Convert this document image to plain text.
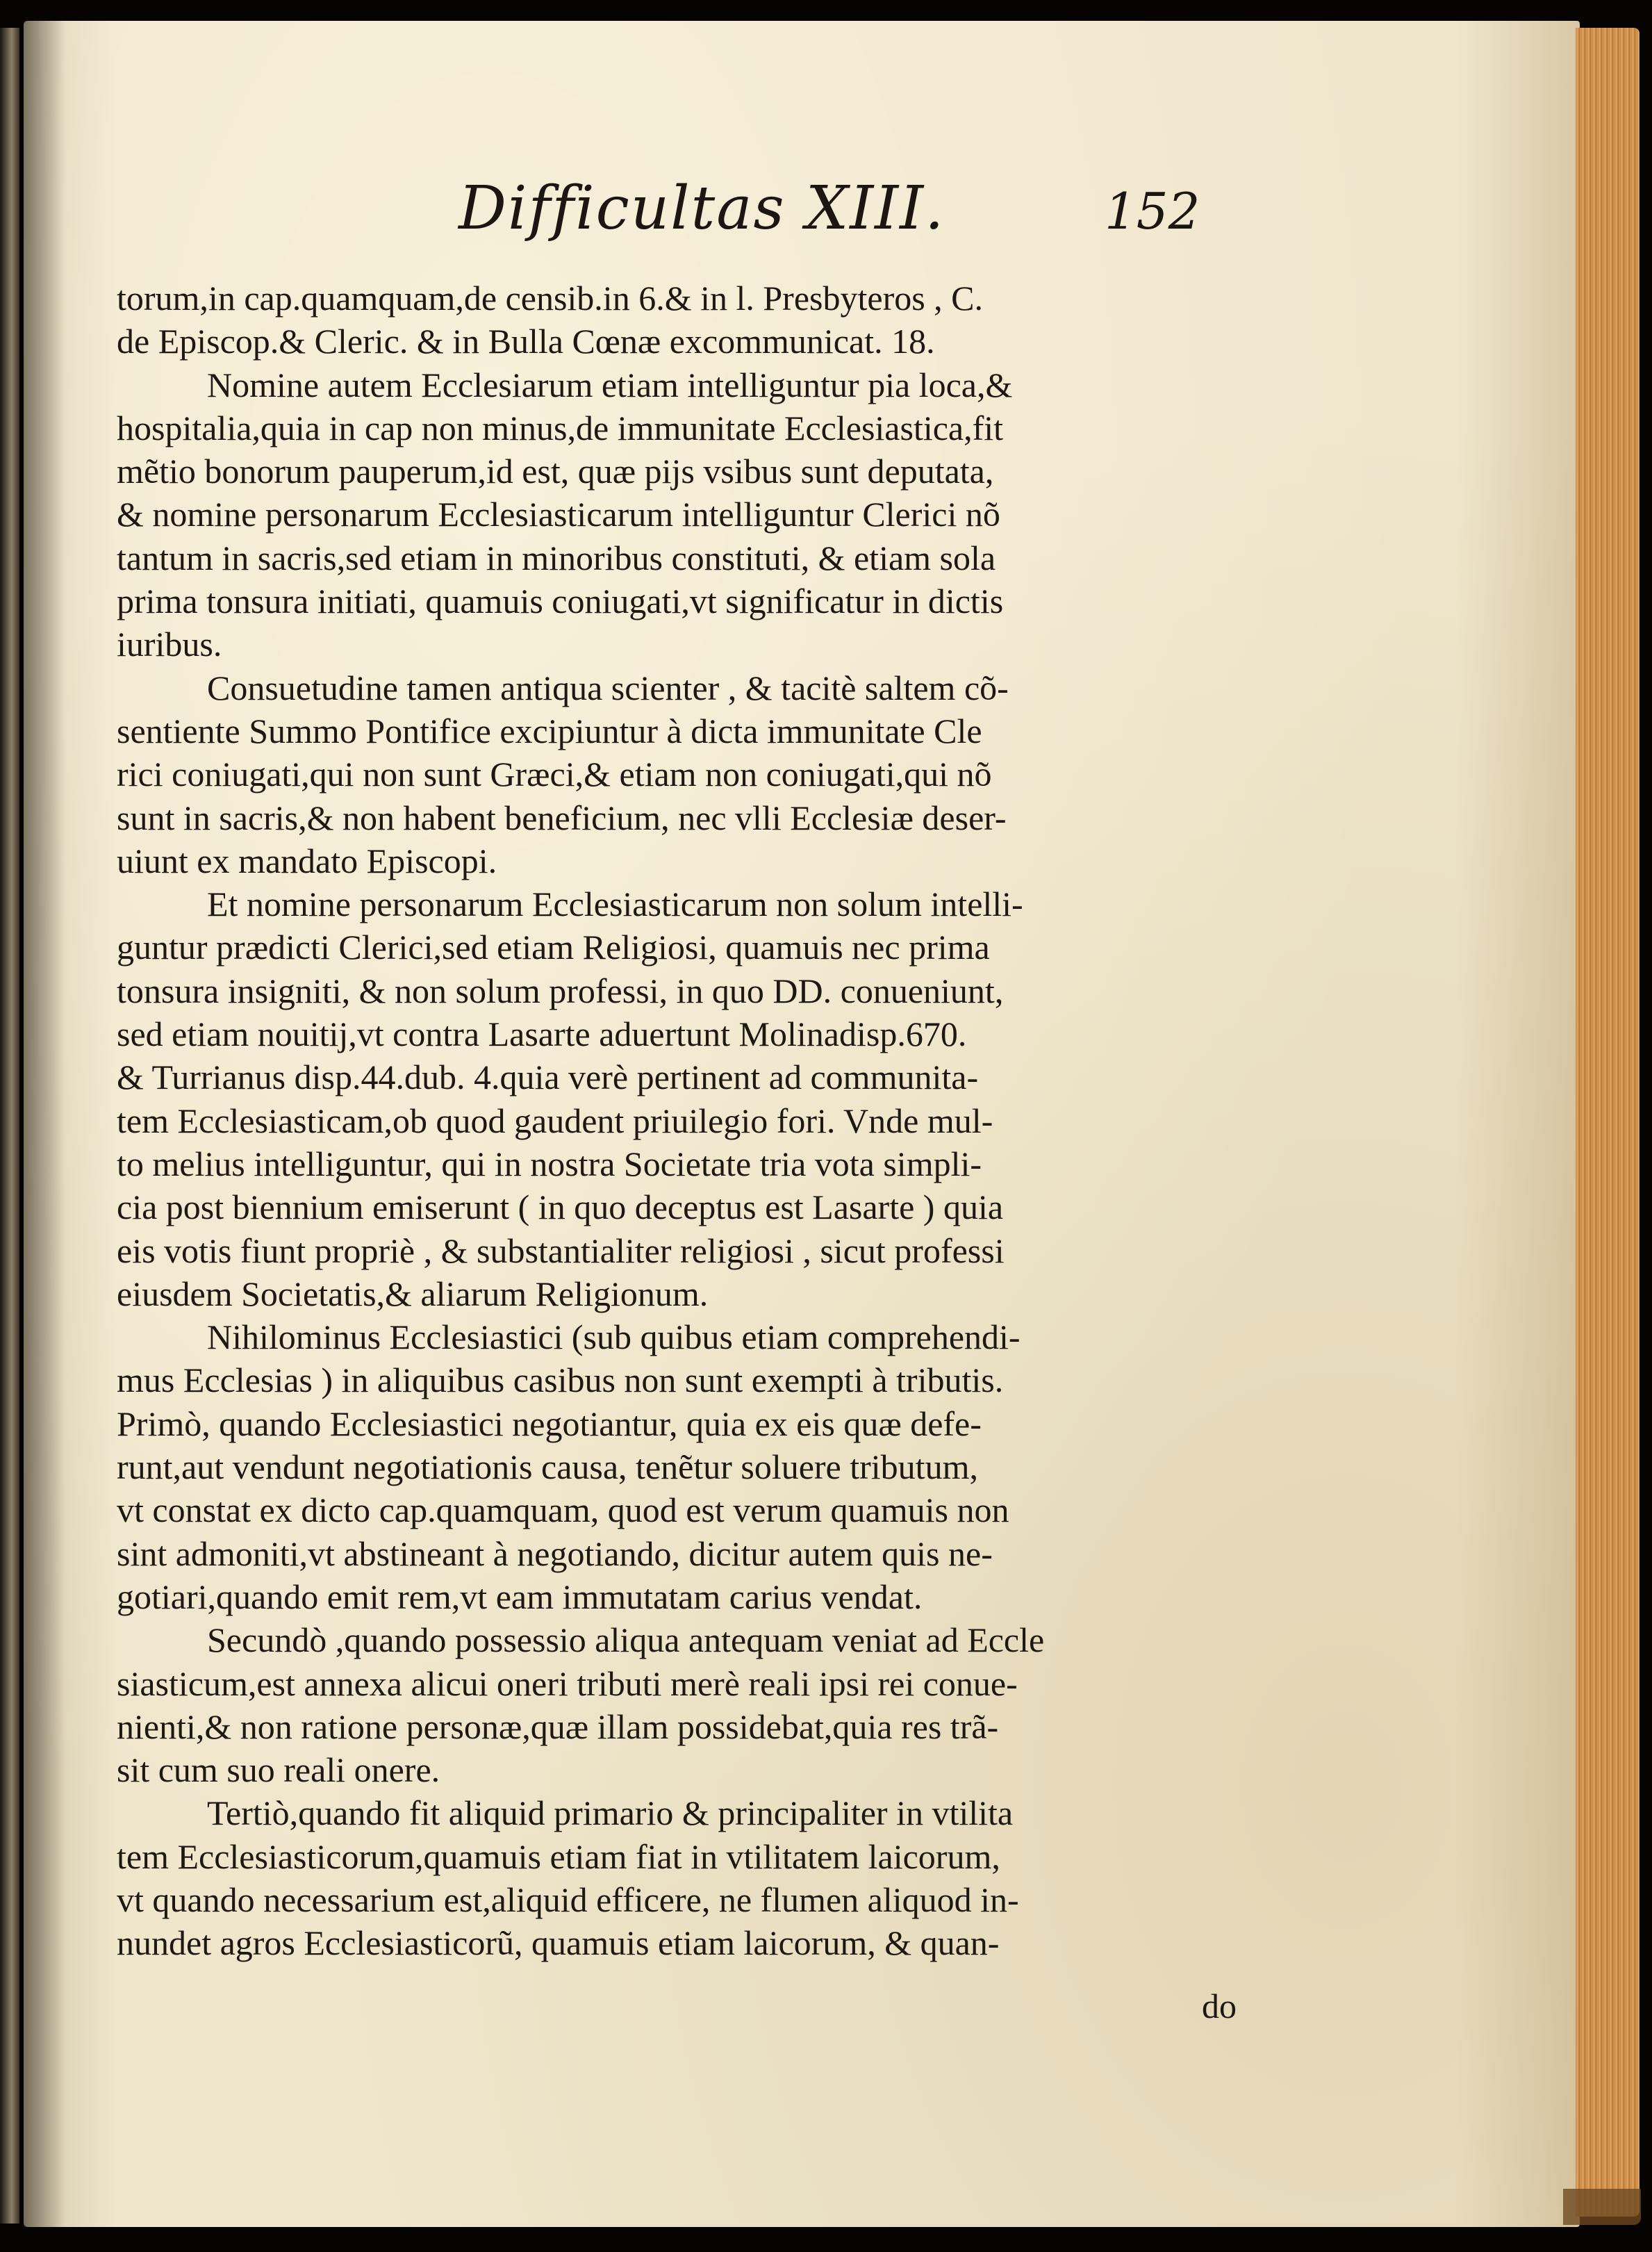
Difficultas XIII.	152
torum,in cap.quamquam,de censib.in 6.& in l. Presbyteros , C.
de Episcop.& Cleric. & in Bulla Cœnæ excommunicat. 18.
Nomine autem Ecclesiarum etiam intelliguntur pia loca,&
hospitalia,quia in cap non minus,de immunitate Ecclesiastica,fit
mẽtio bonorum pauperum,id est, quæ pijs vsibus sunt deputata,
& nomine personarum Ecclesiasticarum intelliguntur Clerici nõ
tantum in sacris,sed etiam in minoribus constituti, & etiam sola
prima tonsura initiati, quamuis coniugati,vt significatur in dictis
iuribus.
Consuetudine tamen antiqua scienter , & tacitè saltem cõ-
sentiente Summo Pontifice excipiuntur à dicta immunitate Cle
rici coniugati,qui non sunt Græci,& etiam non coniugati,qui nõ
sunt in sacris,& non habent beneficium, nec vlli Ecclesiæ deser-
uiunt ex mandato Episcopi.
Et nomine personarum Ecclesiasticarum non solum intelli-
guntur prædicti Clerici,sed etiam Religiosi, quamuis nec prima
tonsura insigniti, & non solum professi, in quo DD. conueniunt,
sed etiam nouitij,vt contra Lasarte aduertunt Molinadisp.670.
& Turrianus disp.44.dub. 4.quia verè pertinent ad communita-
tem Ecclesiasticam,ob quod gaudent priuilegio fori. Vnde mul-
to melius intelliguntur, qui in nostra Societate tria vota simpli-
cia post biennium emiserunt ( in quo deceptus est Lasarte ) quia
eis votis fiunt propriè , & substantialiter religiosi , sicut professi
eiusdem Societatis,& aliarum Religionum.
Nihilominus Ecclesiastici (sub quibus etiam comprehendi-
mus Ecclesias ) in aliquibus casibus non sunt exempti à tributis.
Primò, quando Ecclesiastici negotiantur, quia ex eis quæ defe-
runt,aut vendunt negotiationis causa, tenẽtur soluere tributum,
vt constat ex dicto cap.quamquam, quod est verum quamuis non
sint admoniti,vt abstineant à negotiando, dicitur autem quis ne-
gotiari,quando emit rem,vt eam immutatam carius vendat.
Secundò ,quando possessio aliqua antequam veniat ad Eccle
siasticum,est annexa alicui oneri tributi merè reali ipsi rei conue-
nienti,& non ratione personæ,quæ illam possidebat,quia res trã-
sit cum suo reali onere.
Tertiò,quando fit aliquid primario & principaliter in vtilita
tem Ecclesiasticorum,quamuis etiam fiat in vtilitatem laicorum,
vt quando necessarium est,aliquid efficere, ne flumen aliquod in-
nundet agros Ecclesiasticorũ, quamuis etiam laicorum, & quan-
do
